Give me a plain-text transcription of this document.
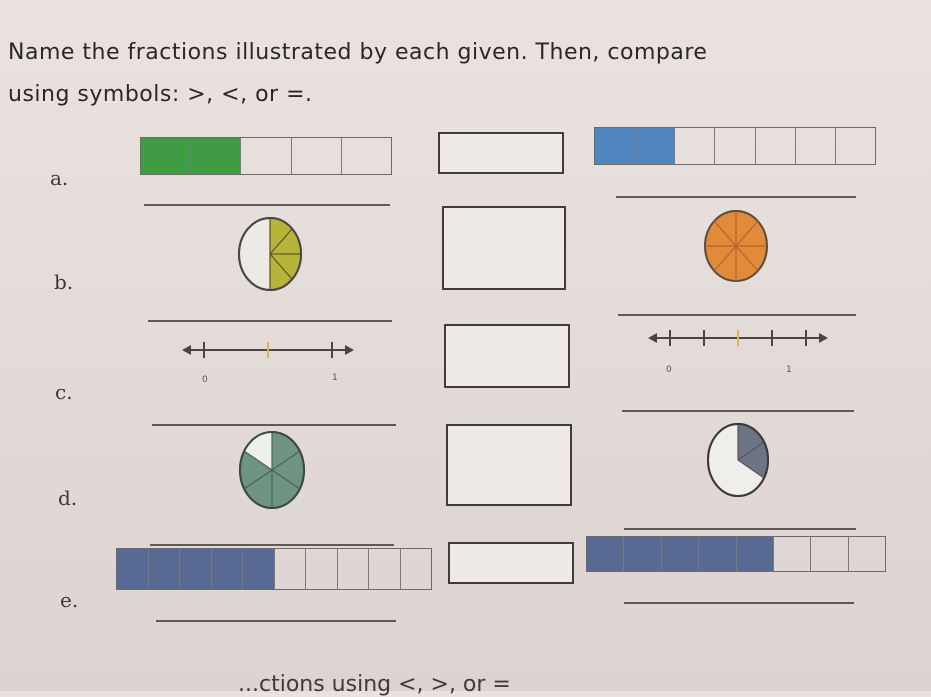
Name the fractions illustrated by each given. Then, compare
using symbols: >, <, or =.
a.
b.
c.	0	1
0	1
d.
e.
...ctions using <, >, or =
